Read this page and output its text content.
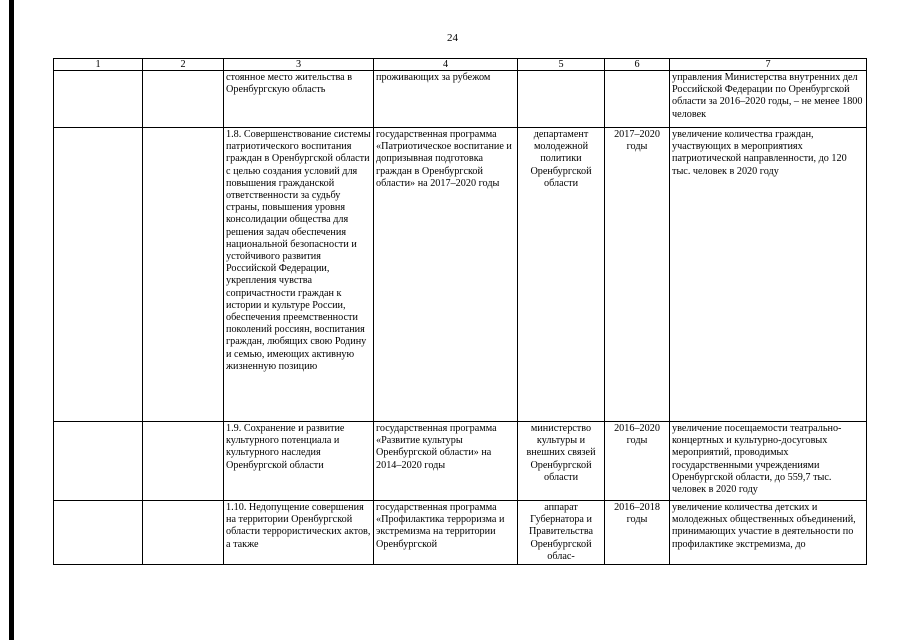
24
1	2	3	4	5	6	7
		стоянное место жительства в Оренбургскую область	проживающих за рубежом			управления Министерства внутренних дел Российской Федерации по Оренбургской области за 2016–2020 годы, – не менее 1800 человек
		1.8. Совершенствование системы патриотического воспитания граждан в Оренбургской области с целью создания условий для повышения гражданской ответственности за судьбу страны, повышения уровня консолидации общества для решения задач обеспечения национальной безопасности и устойчивого развития Российской Федерации, укрепления чувства сопричастности граждан к истории и культуре России, обеспечения преемственности поколений россиян, воспитания граждан, любящих свою Родину и семью, имеющих активную жизненную позицию	государственная программа «Патриотическое воспитание и допризывная подготовка граждан в Оренбургской области» на 2017–2020 годы	департамент молодежной политики Оренбургской области	2017–2020 годы	увеличение количества граждан, участвующих в мероприятиях патриотической направленности, до 120 тыс. человек в 2020 году
		1.9. Сохранение и развитие культурного потенциала и культурного наследия Оренбургской области	государственная программа «Развитие культуры Оренбургской области» на 2014–2020 годы	министерство культуры и внешних связей Оренбургской области	2016–2020 годы	увеличение посещаемости театрально-концертных и культурно-досуговых мероприятий, проводимых государственными учреждениями Оренбургской области, до 559,7 тыс. человек в 2020 году
		1.10. Недопущение совершения на территории Оренбургской области террористических актов, а также	государственная программа «Профилактика терроризма и экстремизма на территории Оренбургской	аппарат Губернатора и Правительства Оренбургской облас-	2016–2018 годы	увеличение количества детских и молодежных общественных объединений, принимающих участие в деятельности по профилактике экстремизма, до
